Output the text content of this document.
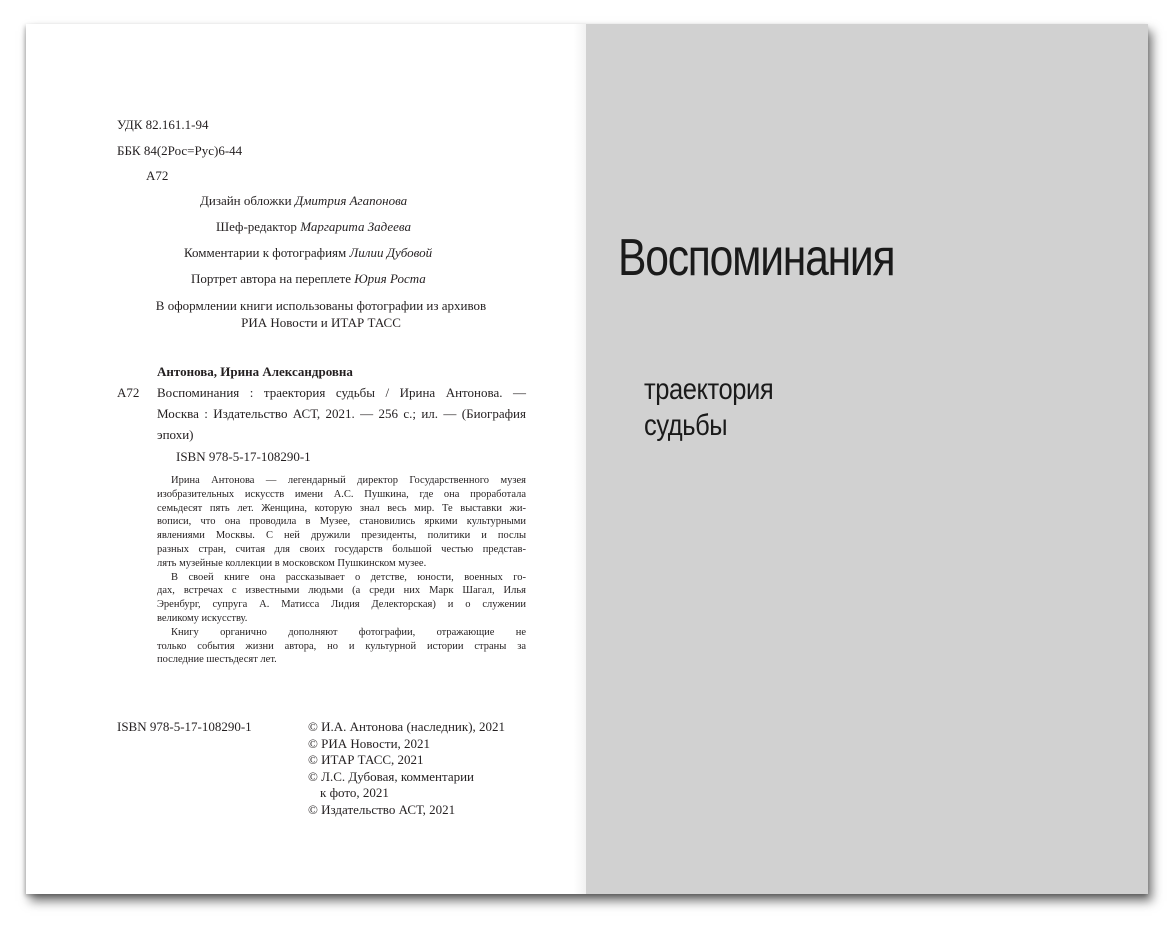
УДК 82.161.1-94
ББК 84(2Рос=Рус)6-44
А72
Дизайн обложки Дмитрия Агапонова
Шеф-редактор Маргарита Задеева
Комментарии к фотографиям Лилии Дубовой
Портрет автора на переплете Юрия Роста
В оформлении книги использованы фотографии из архивов
РИА Новости и ИТАР ТАСС
Антонова, Ирина Александровна
А72 Воспоминания : траектория судьбы / Ирина Антонова. —
Москва : Издательство АСТ, 2021. — 256 с.; ил. — (Биография
эпохи)
ISBN 978-5-17-108290-1
Ирина Антонова — легендарный директор Государственного музея
изобразительных искусств имени А.С. Пушкина, где она проработала
семьдесят пять лет. Женщина, которую знал весь мир. Те выставки жи-
вописи, что она проводила в Музее, становились яркими культурными
явлениями Москвы. С ней дружили президенты, политики и послы
разных стран, считая для своих государств большой честью представ-
лять музейные коллекции в московском Пушкинском музее.
В своей книге она рассказывает о детстве, юности, военных го-
дах, встречах с известными людьми (а среди них Марк Шагал, Илья
Эренбург, супруга А. Матисса Лидия Делекторская) и о служении
великому искусству.
Книгу органично дополняют фотографии, отражающие не
только события жизни автора, но и культурной истории страны за
последние шестьдесят лет.
ISBN 978-5-17-108290-1	© И.А. Антонова (наследник), 2021
© РИА Новости, 2021
© ИТАР ТАСС, 2021
© Л.С. Дубовая, комментарии
к фото, 2021
© Издательство АСТ, 2021
Воспоминания
траектория
судьбы
